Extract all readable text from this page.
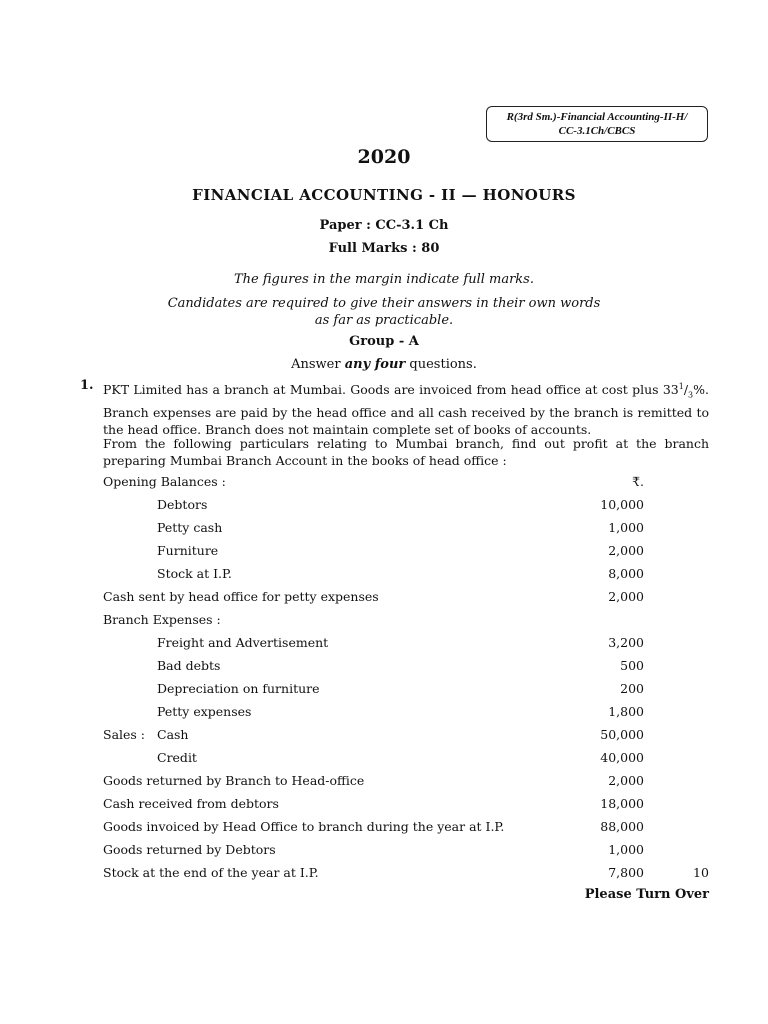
R(3rd Sm.)-Financial Accounting-II-H/
CC-3.1Ch/CBCS
2020
FINANCIAL ACCOUNTING - II — HONOURS
Paper : CC-3.1 Ch
Full Marks : 80
The figures in the margin indicate full marks.
Candidates are required to give their answers in their own words
as far as practicable.
Group - A
Answer any four questions.
1. PKT Limited has a branch at Mumbai. Goods are invoiced from head office at cost plus $33^1/_3\%$. Branch expenses are paid by the head office and all cash received by the branch is remitted to the head office. Branch does not maintain complete set of books of accounts.

From the following particulars relating to Mumbai branch, find out profit at the branch preparing Mumbai Branch Account in the books of head office :

Opening Balances :	₹.
Debtors	10,000
Petty cash	1,000
Furniture	2,000
Stock at I.P.	8,000
Cash sent by head office for petty expenses	2,000
Branch Expenses :
Freight and Advertisement	3,200
Bad debts	500
Depreciation on furniture	200
Petty expenses	1,800
Sales : Cash	50,000
Credit	40,000
Goods returned by Branch to Head-office	2,000
Cash received from debtors	18,000
Goods invoiced by Head Office to branch during the year at I.P.	88,000
Goods returned by Debtors	1,000
Stock at the end of the year at I.P.	7,800	10
Please Turn Over
